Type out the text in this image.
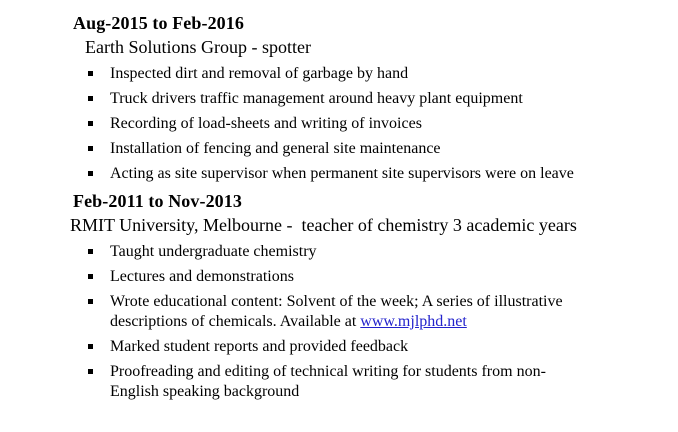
Aug-2015 to Feb-2016
Earth Solutions Group - spotter
Inspected dirt and removal of garbage by hand
Truck drivers traffic management around heavy plant equipment
Recording of load-sheets and writing of invoices
Installation of fencing and general site maintenance
Acting as site supervisor when permanent site supervisors were on leave
Feb-2011 to Nov-2013
RMIT University, Melbourne -  teacher of chemistry 3 academic years
Taught undergraduate chemistry
Lectures and demonstrations
Wrote educational content: Solvent of the week; A series of illustrative descriptions of chemicals. Available at www.mjlphd.net
Marked student reports and provided feedback
Proofreading and editing of technical writing for students from non-English speaking background
